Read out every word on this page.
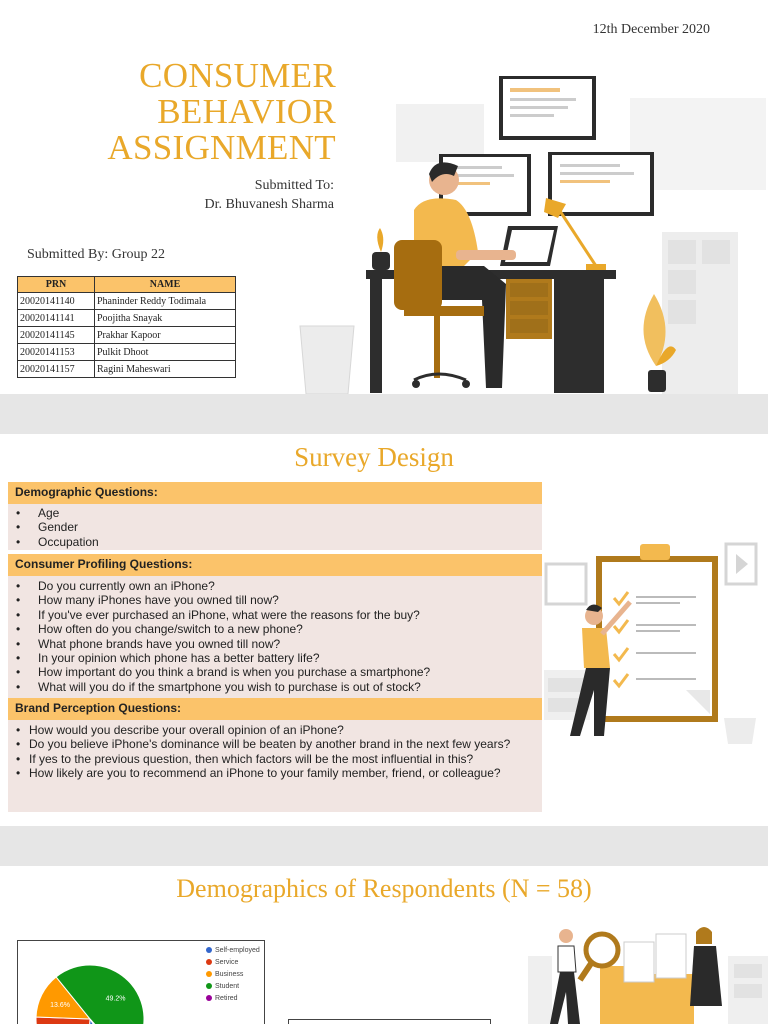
12th December 2020
CONSUMER
BEHAVIOR
ASSIGNMENT
Submitted To:
Dr. Bhuvanesh Sharma
Submitted By: Group 22
PRN	NAME
20020141140	Phaninder Reddy Todimala
20020141141	Poojitha Snayak
20020141145	Prakhar Kapoor
20020141153	Pulkit Dhoot
20020141157	Ragini Maheswari
Survey Design
Demographic Questions:
• Age
• Gender
• Occupation
Consumer Profiling Questions:
• Do you currently own an iPhone?
• How many iPhones have you owned till now?
• If you've ever purchased an iPhone, what were the reasons for the buy?
• How often do you change/switch to a new phone?
• What phone brands have you owned till now?
• In your opinion which phone has a better battery life?
• How important do you think a brand is when you purchase a smartphone?
• What will you do if the smartphone you wish to purchase is out of stock?
Brand Perception Questions:
• How would you describe your overall opinion of an iPhone?
• Do you believe iPhone's dominance will be beaten by another brand in the next few years?
• If yes to the previous question, then which factors will be the most influential in this?
• How likely are you to recommend an iPhone to your family member, friend, or colleague?
Demographics of Respondents (N = 58)
49.2%
13.6%
Self-employed
Service
Business
Student
Retired
